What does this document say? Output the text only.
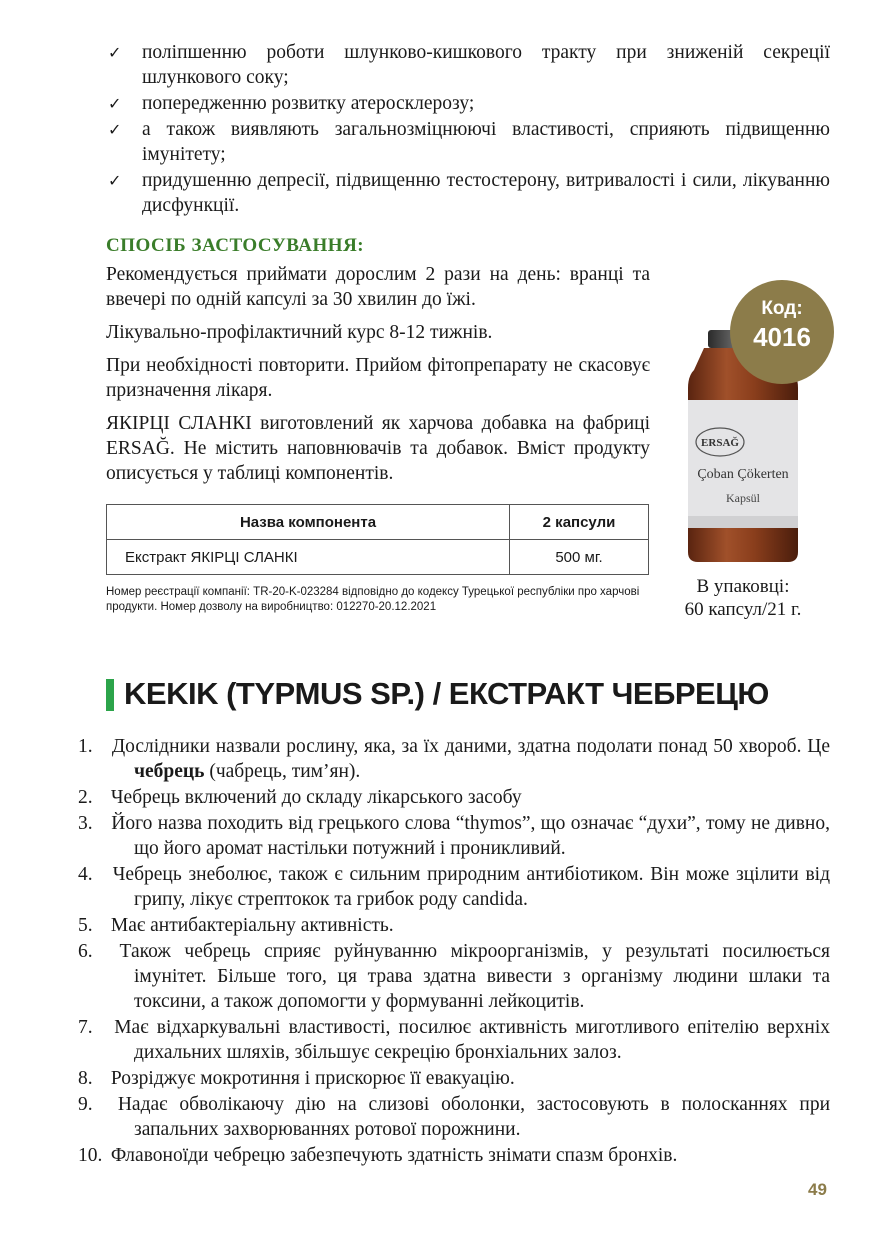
✓ поліпшенню роботи шлунково-кишкового тракту при зниженій секреції шлункового соку;
✓ попередженню розвитку атеросклерозу;
✓ а також виявляють загальнозміцнюючі властивості, сприяють підвищенню імунітету;
✓ придушенню депресії, підвищенню тестостерону, витривалості і сили, лікуванню дисфункції.
СПОСІБ ЗАСТОСУВАННЯ:

Рекомендується приймати дорослим 2 рази на день: вранці та ввечері по одній капсулі за 30 хвилин до їжі.

Лікувально-профілактичний курс 8-12 тижнів.

При необхідності повторити. Прийом фітопрепарату не скасовує призначення лікаря.

ЯКІРЦІ СЛАНКІ виготовлений як харчова добавка на фабриці ERSAĞ. Не містить наповнювачів та добавок. Вміст продукту описується у таблиці компонентів.

Назва компонента	2 капсули
Екстракт ЯКІРЦІ СЛАНКІ	500 мг.
Номер реєстрації компанії: TR-20-K-023284 відповідно до кодексу Турецької республіки про харчові продукти. Номер дозволу на виробництво: 012270-20.12.2021
ERSAĞ
Çoban Çökerten
Kapsül
Код:
4016
В упаковці:
60 капсул/21 г.
KEKIK (TYPMUS SP.) / ЕКСТРАКТ ЧЕБРЕЦЮ
1. Дослідники назвали рослину, яка, за їх даними, здатна подолати понад 50 хвороб. Це чебрець (чабрець, тим’ян).
2. Чебрець включений до складу лікарського засобу
3. Його назва походить від грецького слова “thymos”, що означає “духи”, тому не дивно, що його аромат настільки потужний і проникливий.
4. Чебрець знеболює, також є сильним природним антибіотиком. Він може зцілити від грипу, лікує стрептокок та грибок роду candida.
5. Має антибактеріальну активність.
6. Також чебрець сприяє руйнуванню мікроорганізмів, у результаті посилюється імунітет. Більше того, ця трава здатна вивести з організму людини шлаки та токсини, а також допомогти у формуванні лейкоцитів.
7. Має відхаркувальні властивості, посилює активність миготливого епітелію верхніх дихальних шляхів, збільшує секрецію бронхіальних залоз.
8. Розріджує мокротиння і прискорює її евакуацію.
9. Надає обволікаючу дію на слизові оболонки, застосовують в полосканнях при запальних захворюваннях ротової порожнини.
10. Флавоноїди чебрецю забезпечують здатність знімати спазм бронхів.
49
